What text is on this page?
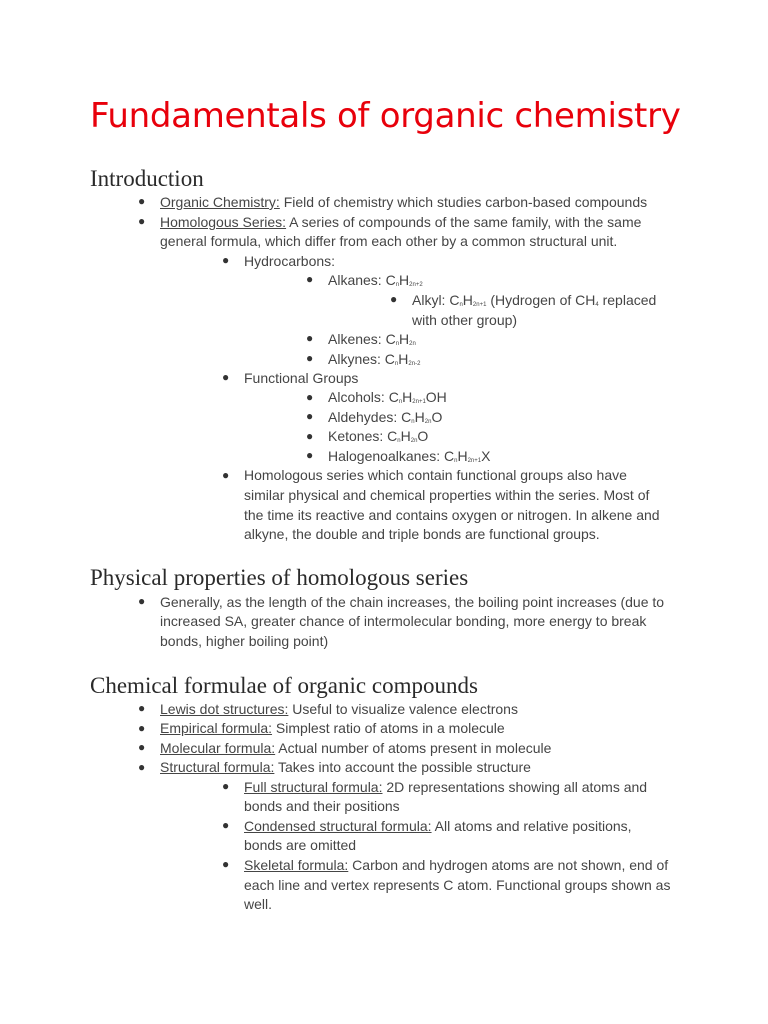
Fundamentals of organic chemistry
Introduction
● Organic Chemistry: Field of chemistry which studies carbon-based compounds
● Homologous Series: A series of compounds of the same family, with the same
general formula, which differ from each other by a common structural unit.
● Hydrocarbons:
● Alkanes: $C_nH_{2n+2}$
● Alkyl: $C_nH_{2n+1}$ (Hydrogen of $CH_4$ replaced
with other group)
● Alkenes: $C_nH_{2n}$
● Alkynes: $C_nH_{2n-2}$
● Functional Groups
● Alcohols: $C_nH_{2n+1}OH$
● Aldehydes: $C_nH_{2n}O$
● Ketones: $C_nH_{2n}O$
● Halogenoalkanes: $C_nH_{2n+1}X$
● Homologous series which contain functional groups also have
similar physical and chemical properties within the series. Most of
the time its reactive and contains oxygen or nitrogen. In alkene and
alkyne, the double and triple bonds are functional groups.
Physical properties of homologous series
● Generally, as the length of the chain increases, the boiling point increases (due to
increased SA, greater chance of intermolecular bonding, more energy to break
bonds, higher boiling point)
Chemical formulae of organic compounds
● Lewis dot structures: Useful to visualize valence electrons
● Empirical formula: Simplest ratio of atoms in a molecule
● Molecular formula: Actual number of atoms present in molecule
● Structural formula: Takes into account the possible structure
● Full structural formula: 2D representations showing all atoms and
bonds and their positions
● Condensed structural formula: All atoms and relative positions,
bonds are omitted
● Skeletal formula: Carbon and hydrogen atoms are not shown, end of
each line and vertex represents C atom. Functional groups shown as
well.
